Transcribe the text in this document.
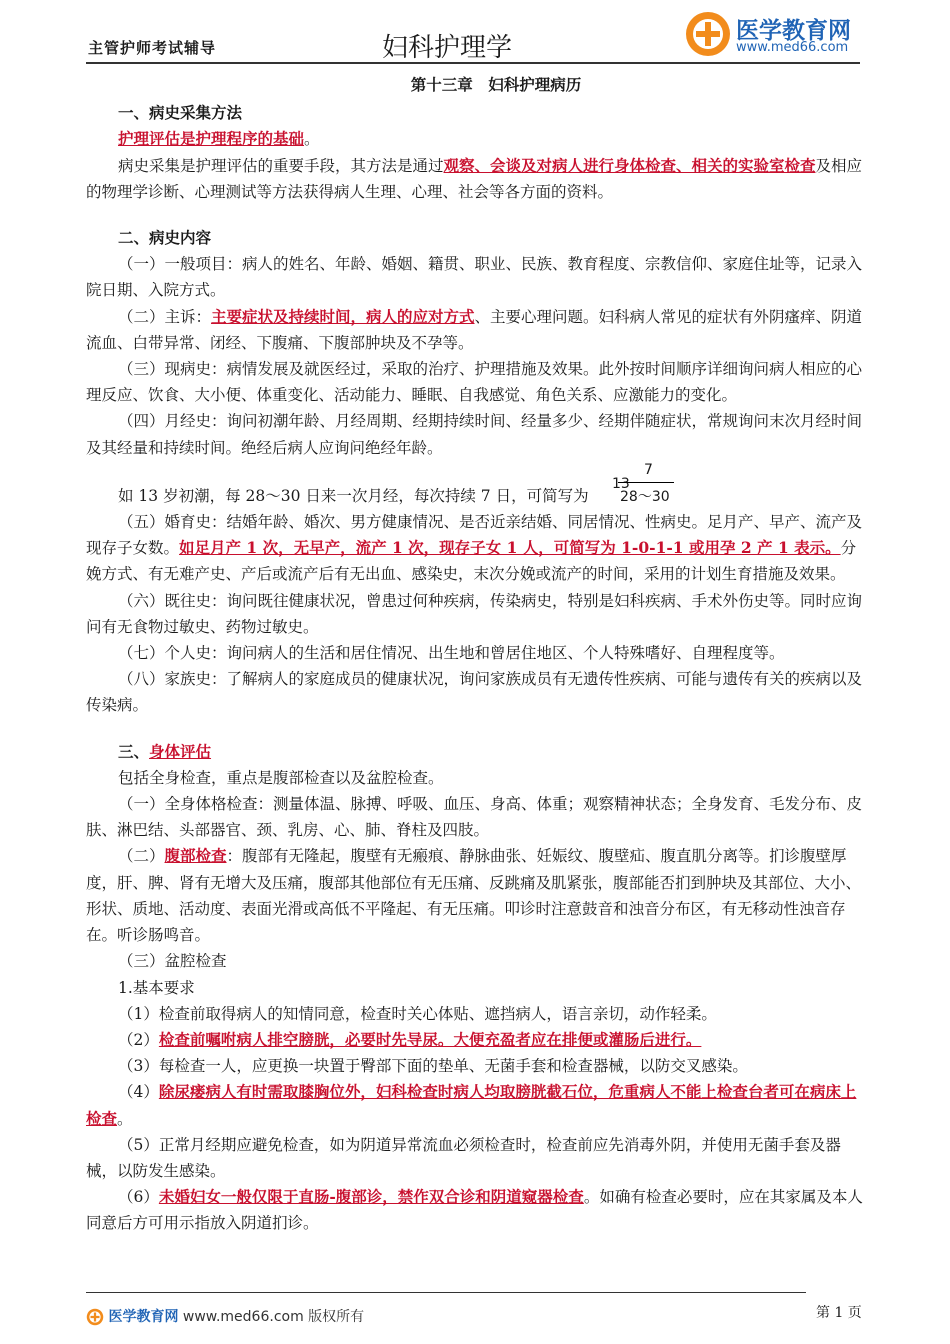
主管护师考试辅导	妇科护理学
医学教育网
www.med66.com

第十三章　妇科护理病历

一、病史采集方法

护理评估是护理程序的基础。

病史采集是护理评估的重要手段，其方法是通过观察、会谈及对病人进行身体检查、相关的实验室检查及相应的物理学诊断、心理测试等方法获得病人生理、心理、社会等各方面的资料。

二、病史内容

（一）一般项目：病人的姓名、年龄、婚姻、籍贯、职业、民族、教育程度、宗教信仰、家庭住址等，记录入院日期、入院方式。

（二）主诉：主要症状及持续时间，病人的应对方式、主要心理问题。妇科病人常见的症状有外阴瘙痒、阴道流血、白带异常、闭经、下腹痛、下腹部肿块及不孕等。

（三）现病史：病情发展及就医经过，采取的治疗、护理措施及效果。此外按时间顺序详细询问病人相应的心理反应、饮食、大小便、体重变化、活动能力、睡眠、自我感觉、角色关系、应激能力的变化。

（四）月经史：询问初潮年龄、月经周期、经期持续时间、经量多少、经期伴随症状，常规询问末次月经时间及其经量和持续时间。绝经后病人应询问绝经年龄。

如 13 岁初潮，每 28～30 日来一次月经，每次持续 7 日，可简写为

（五）婚育史：结婚年龄、婚次、男方健康情况、是否近亲结婚、同居情况、性病史。足月产、早产、流产及现存子女数。如足月产 1 次，无早产，流产 1 次，现存子女 1 人，可简写为 1-0-1-1 或用孕 2 产 1 表示。分娩方式、有无难产史、产后或流产后有无出血、感染史，末次分娩或流产的时间，采用的计划生育措施及效果。

（六）既往史：询问既往健康状况，曾患过何种疾病，传染病史，特别是妇科疾病、手术外伤史等。同时应询问有无食物过敏史、药物过敏史。

（七）个人史：询问病人的生活和居住情况、出生地和曾居住地区、个人特殊嗜好、自理程度等。

（八）家族史：了解病人的家庭成员的健康状况，询问家族成员有无遗传性疾病、可能与遗传有关的疾病以及传染病。

三、身体评估

包括全身检查，重点是腹部检查以及盆腔检查。

（一）全身体格检查：测量体温、脉搏、呼吸、血压、身高、体重；观察精神状态；全身发育、毛发分布、皮肤、淋巴结、头部器官、颈、乳房、心、肺、脊柱及四肢。

（二）腹部检查：腹部有无隆起，腹壁有无瘢痕、静脉曲张、妊娠纹、腹壁疝、腹直肌分离等。扪诊腹壁厚度，肝、脾、肾有无增大及压痛，腹部其他部位有无压痛、反跳痛及肌紧张，腹部能否扪到肿块及其部位、大小、形状、质地、活动度、表面光滑或高低不平隆起、有无压痛。叩诊时注意鼓音和浊音分布区，有无移动性浊音存在。听诊肠鸣音。

（三）盆腔检查

1.基本要求

（1）检查前取得病人的知情同意，检查时关心体贴、遮挡病人，语言亲切，动作轻柔。

（2）检查前嘱咐病人排空膀胱，必要时先导尿。大便充盈者应在排便或灌肠后进行。

（3）每检查一人，应更换一块置于臀部下面的垫单、无菌手套和检查器械，以防交叉感染。

（4）除尿瘘病人有时需取膝胸位外，妇科检查时病人均取膀胱截石位，危重病人不能上检查台者可在病床上检查。

（5）正常月经期应避免检查，如为阴道异常流血必须检查时，检查前应先消毒外阴，并使用无菌手套及器械，以防发生感染。

（6）未婚妇女一般仅限于直肠-腹部诊，禁作双合诊和阴道窥器检查。如确有检查必要时，应在其家属及本人同意后方可用示指放入阴道扪诊。

13
7
28～30
医学教育网 www.med66.com 版权所有	第 1 页
